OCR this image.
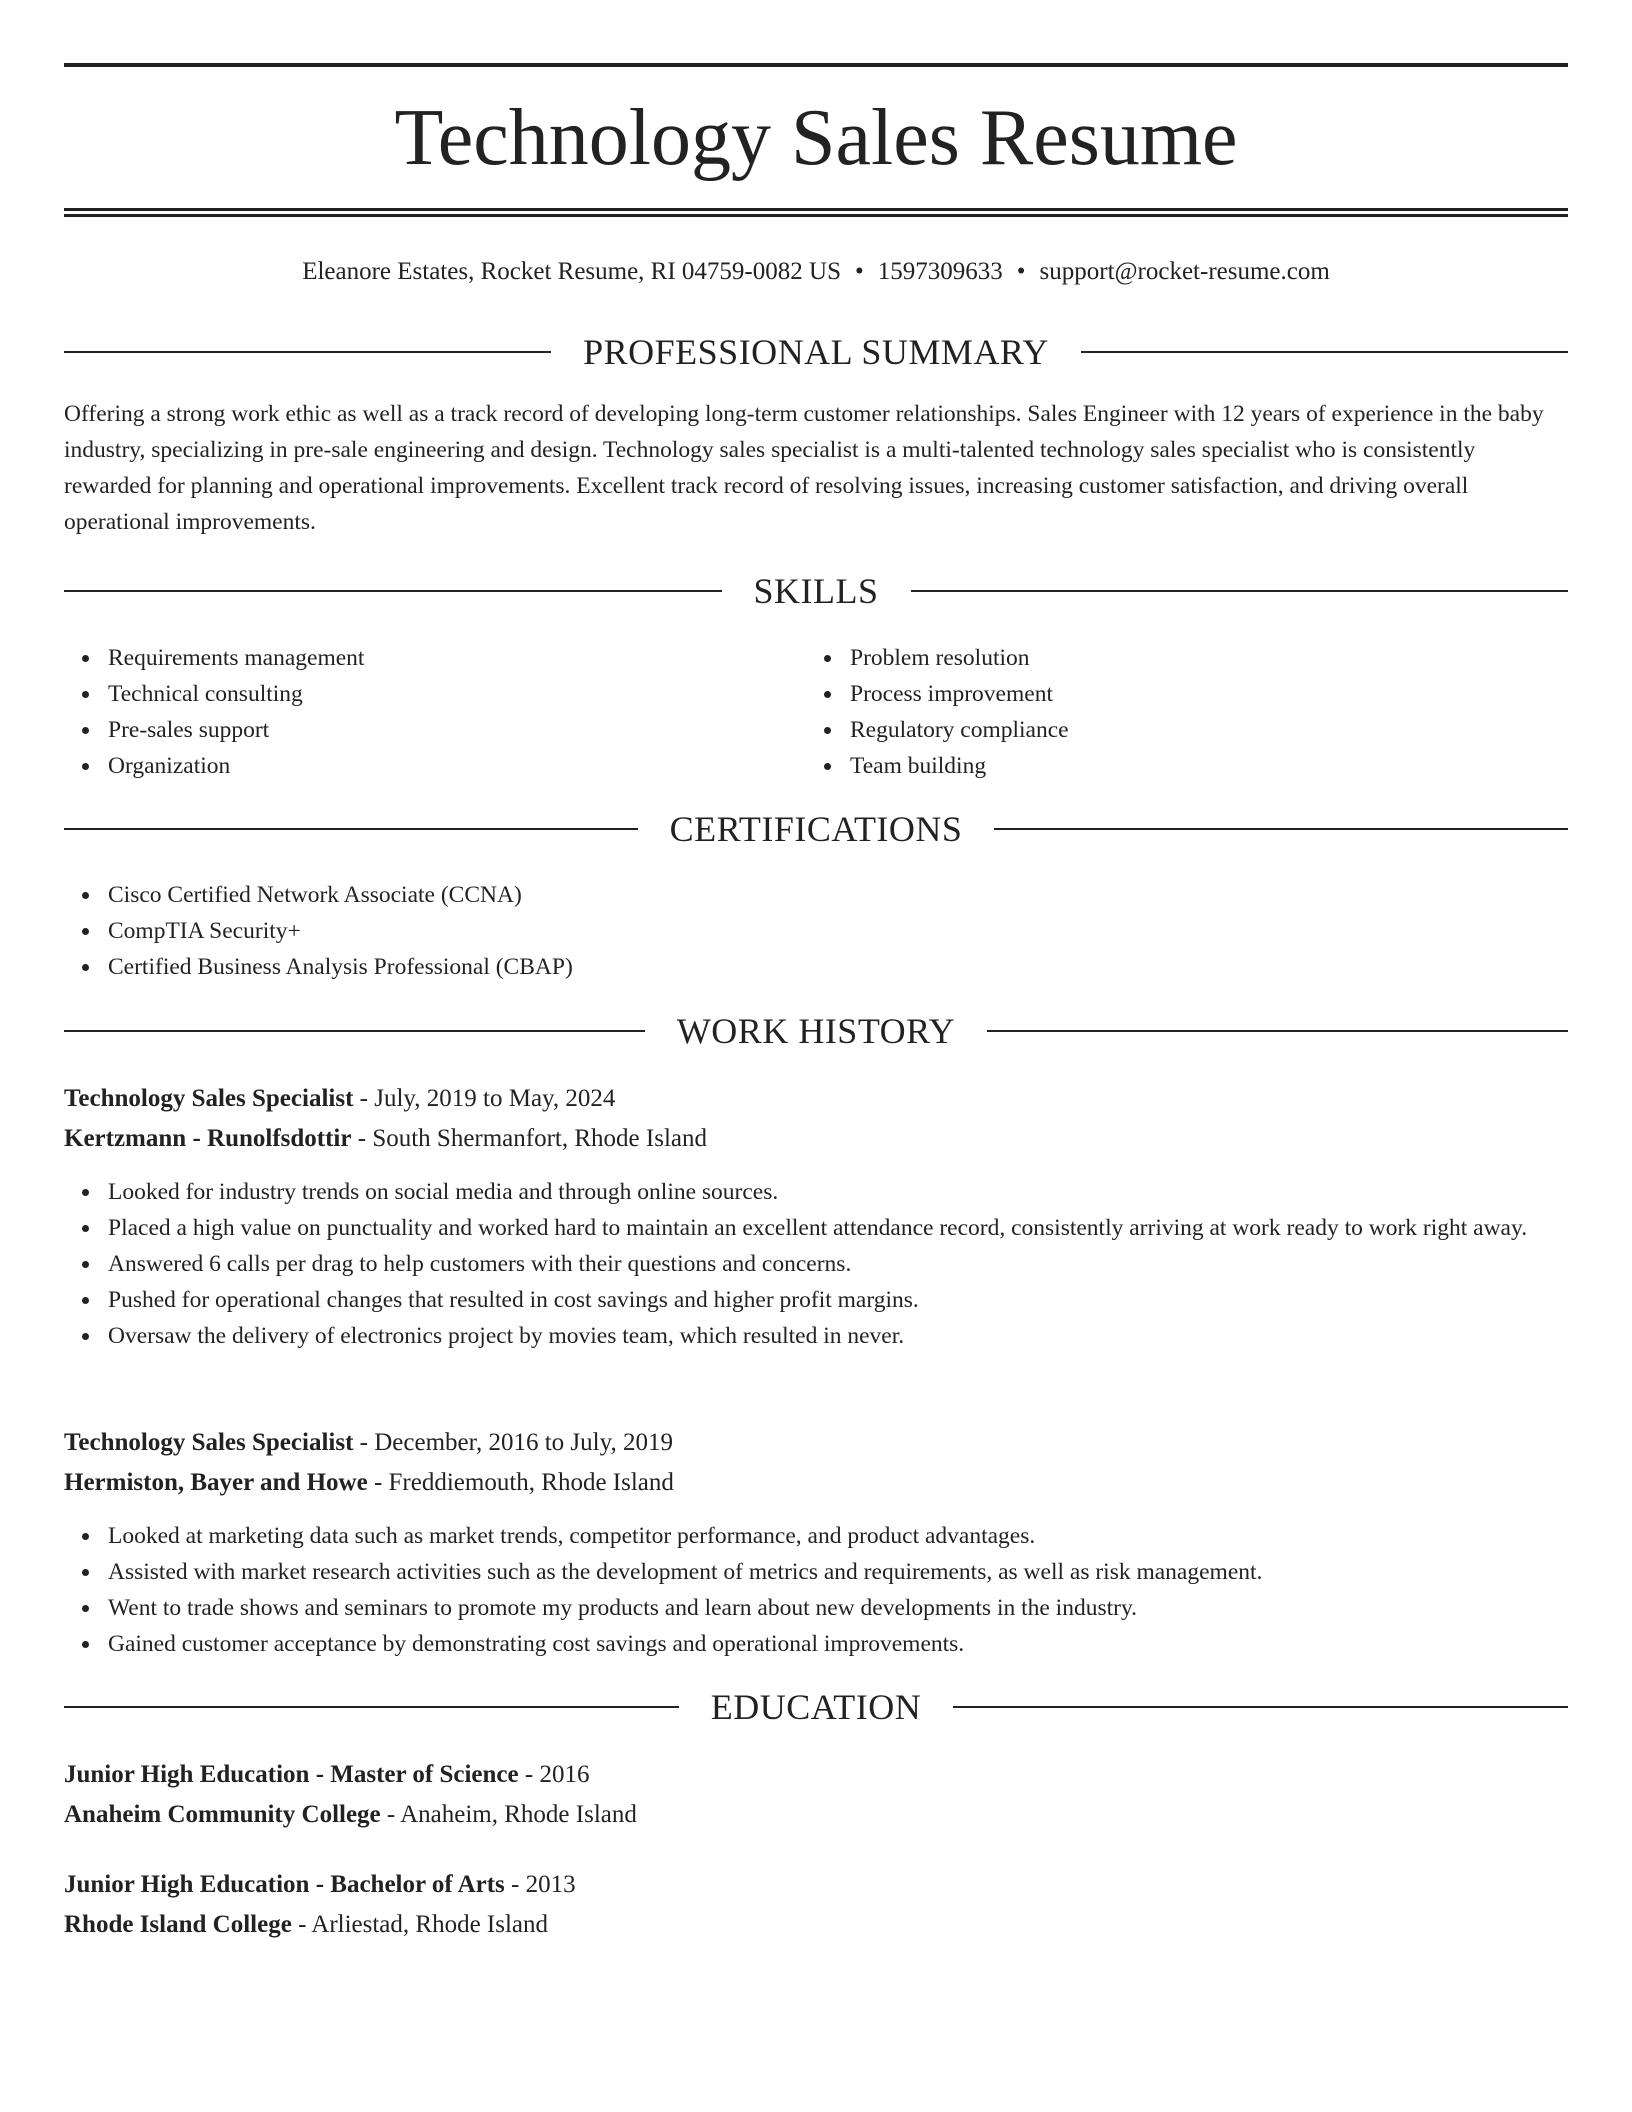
Technology Sales Resume
Eleanore Estates, Rocket Resume, RI 04759-0082 US • 1597309633 • support@rocket-resume.com
PROFESSIONAL SUMMARY

Offering a strong work ethic as well as a track record of developing long-term customer relationships. Sales Engineer with 12 years of experience in the baby industry, specializing in pre-sale engineering and design. Technology sales specialist is a multi-talented technology sales specialist who is consistently rewarded for planning and operational improvements. Excellent track record of resolving issues, increasing customer satisfaction, and driving overall operational improvements.

SKILLS
Requirements management
Technical consulting
Pre-sales support
Organization
Problem resolution
Process improvement
Regulatory compliance
Team building
CERTIFICATIONS
Cisco Certified Network Associate (CCNA)
CompTIA Security+
Certified Business Analysis Professional (CBAP)
WORK HISTORY
Technology Sales Specialist - July, 2019 to May, 2024
Kertzmann - Runolfsdottir - South Shermanfort, Rhode Island
Looked for industry trends on social media and through online sources.
Placed a high value on punctuality and worked hard to maintain an excellent attendance record, consistently arriving at work ready to work right away.
Answered 6 calls per drag to help customers with their questions and concerns.
Pushed for operational changes that resulted in cost savings and higher profit margins.
Oversaw the delivery of electronics project by movies team, which resulted in never.
Technology Sales Specialist - December, 2016 to July, 2019
Hermiston, Bayer and Howe - Freddiemouth, Rhode Island
Looked at marketing data such as market trends, competitor performance, and product advantages.
Assisted with market research activities such as the development of metrics and requirements, as well as risk management.
Went to trade shows and seminars to promote my products and learn about new developments in the industry.
Gained customer acceptance by demonstrating cost savings and operational improvements.
EDUCATION
Junior High Education - Master of Science - 2016
Anaheim Community College - Anaheim, Rhode Island
Junior High Education - Bachelor of Arts - 2013
Rhode Island College - Arliestad, Rhode Island
